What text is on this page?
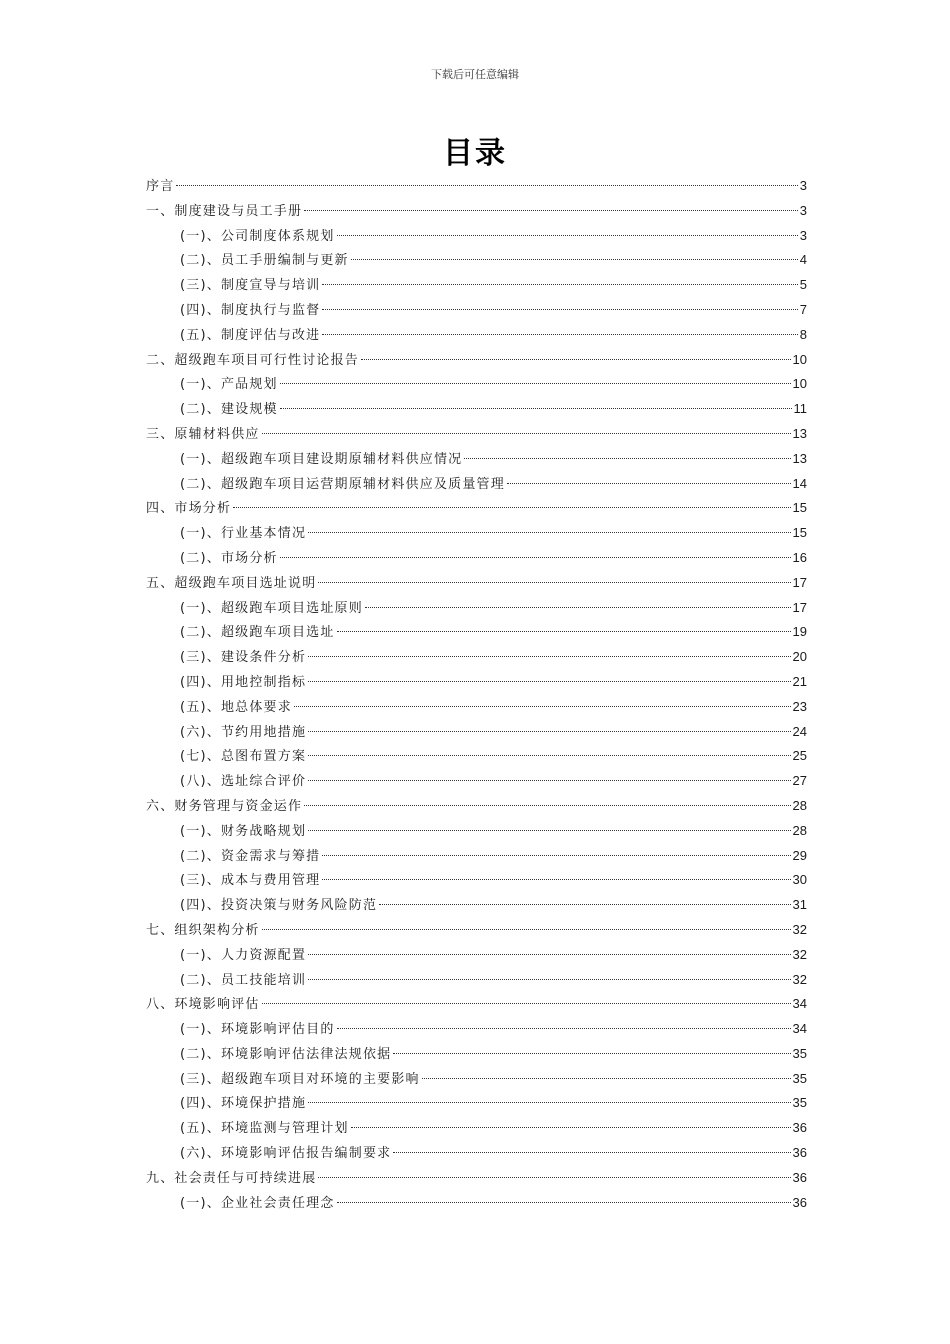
下载后可任意编辑
目录
序言	3
一、制度建设与员工手册	3
(一)、公司制度体系规划	3
(二)、员工手册编制与更新	4
(三)、制度宣导与培训	5
(四)、制度执行与监督	7
(五)、制度评估与改进	8
二、超级跑车项目可行性讨论报告	10
(一)、产品规划	10
(二)、建设规模	11
三、原辅材料供应	13
(一)、超级跑车项目建设期原辅材料供应情况	13
(二)、超级跑车项目运营期原辅材料供应及质量管理	14
四、市场分析	15
(一)、行业基本情况	15
(二)、市场分析	16
五、超级跑车项目选址说明	17
(一)、超级跑车项目选址原则	17
(二)、超级跑车项目选址	19
(三)、建设条件分析	20
(四)、用地控制指标	21
(五)、地总体要求	23
(六)、节约用地措施	24
(七)、总图布置方案	25
(八)、选址综合评价	27
六、财务管理与资金运作	28
(一)、财务战略规划	28
(二)、资金需求与筹措	29
(三)、成本与费用管理	30
(四)、投资决策与财务风险防范	31
七、组织架构分析	32
(一)、人力资源配置	32
(二)、员工技能培训	32
八、环境影响评估	34
(一)、环境影响评估目的	34
(二)、环境影响评估法律法规依据	35
(三)、超级跑车项目对环境的主要影响	35
(四)、环境保护措施	35
(五)、环境监测与管理计划	36
(六)、环境影响评估报告编制要求	36
九、社会责任与可持续进展	36
(一)、企业社会责任理念	36
